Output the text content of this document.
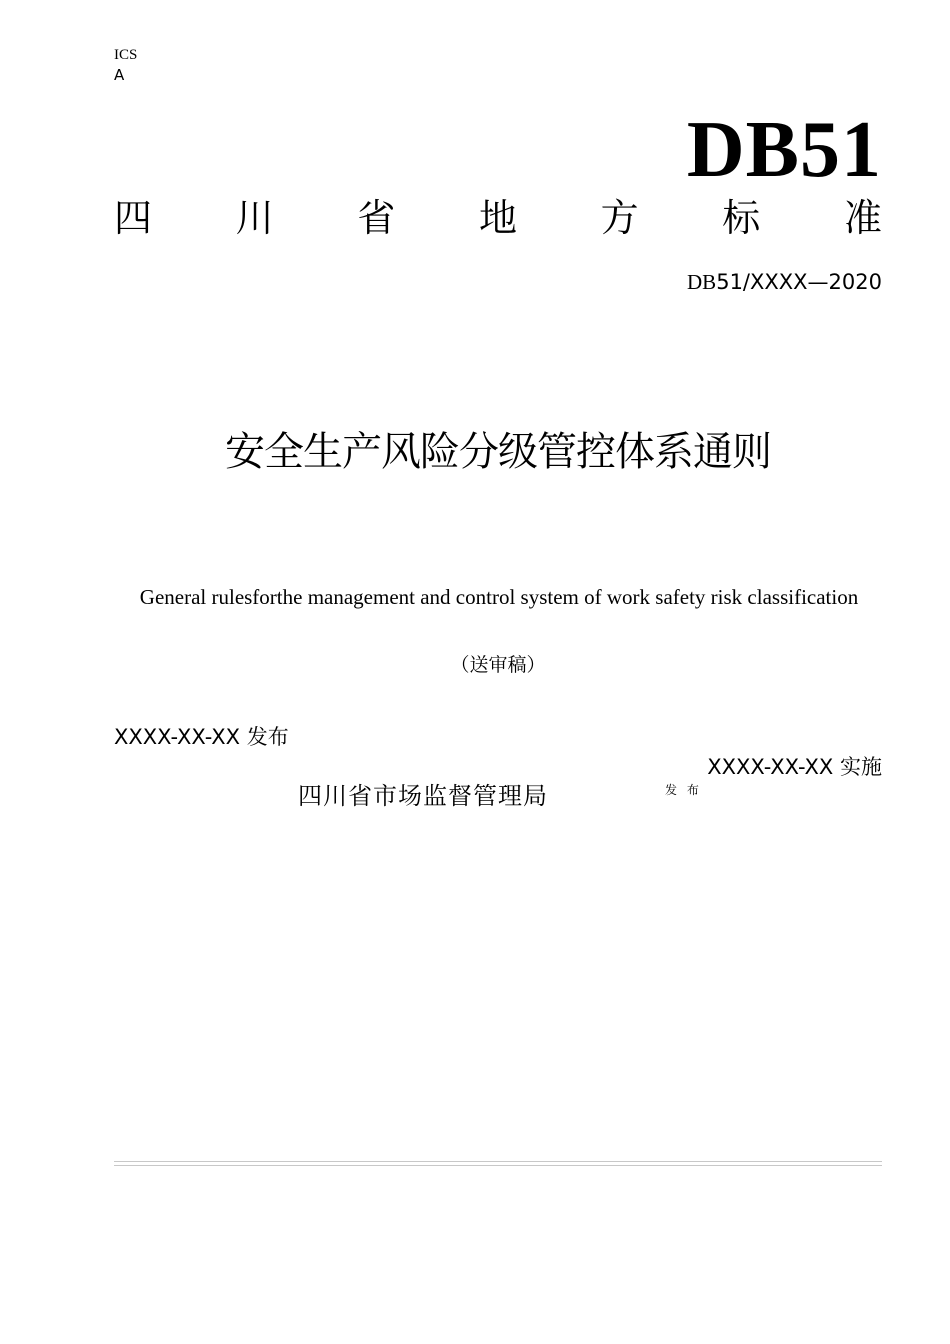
ICS
A
DB51
四 川 省 地 方 标 准
DB51/XXXX—2020
安全生产风险分级管控体系通则
General rulesforthe management and control system of work safety risk classification
（送审稿）
XXXX-XX-XX 发布
XXXX-XX-XX 实施
四川省市场监督管理局	发 布
